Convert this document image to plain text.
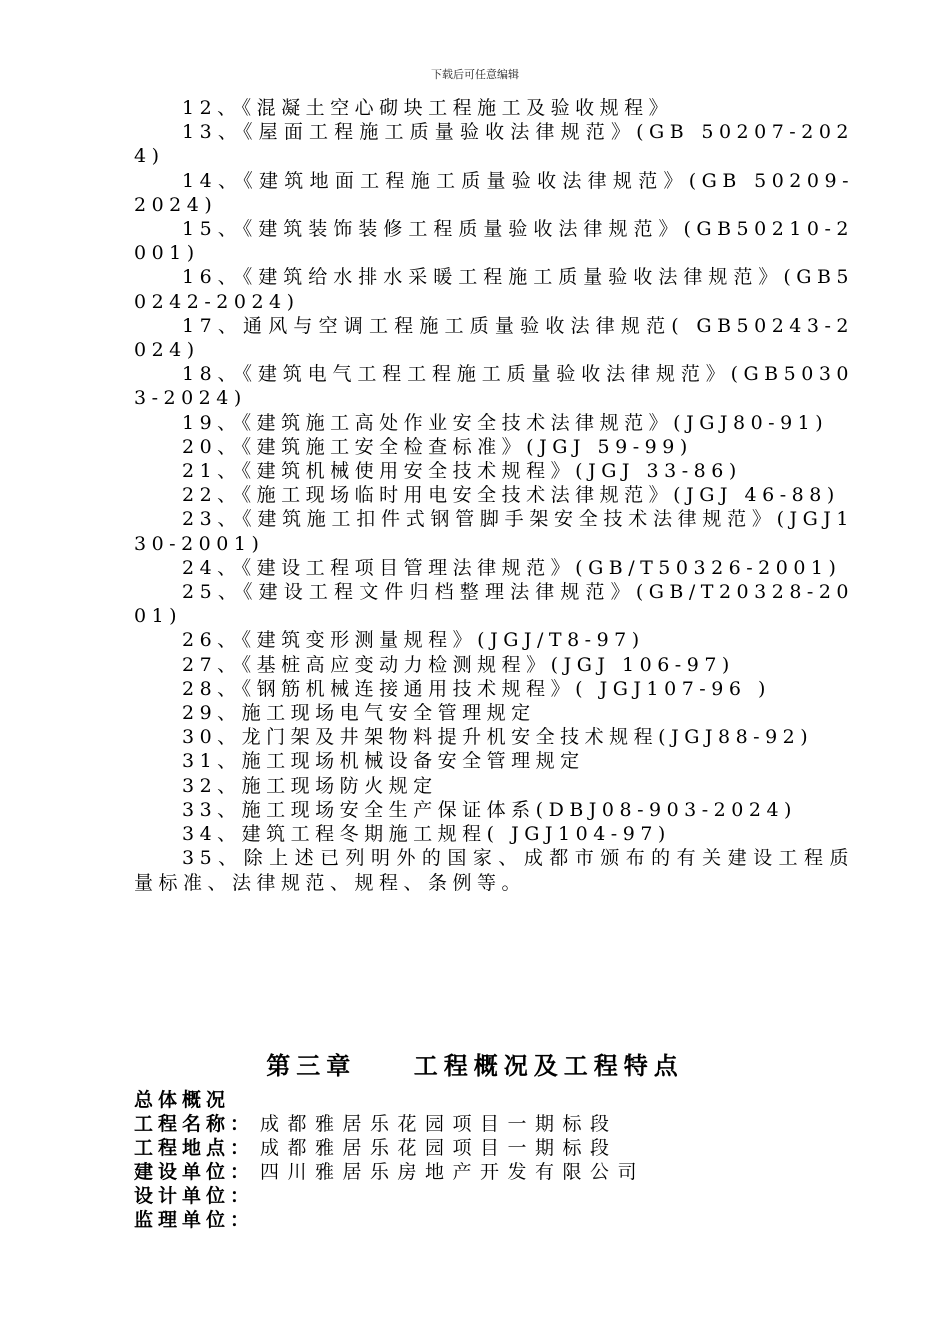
下载后可任意编辑

12、《混凝土空心砌块工程施工及验收规程》

13、《屋面工程施工质量验收法律规范》(GB 50207-2024)

14、《建筑地面工程施工质量验收法律规范》(GB 50209-2024)

15、《建筑装饰装修工程质量验收法律规范》(GB50210-2001)

16、《建筑给水排水采暖工程施工质量验收法律规范》(GB50242-2024)

17、通风与空调工程施工质量验收法律规范( GB50243-2024)

18、《建筑电气工程工程施工质量验收法律规范》(GB50303-2024)

19、《建筑施工高处作业安全技术法律规范》(JGJ80-91)

20、《建筑施工安全检查标准》(JGJ 59-99)

21、《建筑机械使用安全技术规程》(JGJ 33-86)

22、《施工现场临时用电安全技术法律规范》(JGJ 46-88)

23、《建筑施工扣件式钢管脚手架安全技术法律规范》(JGJ130-2001)

24、《建设工程项目管理法律规范》(GB/T50326-2001)

25、《建设工程文件归档整理法律规范》(GB/T20328-2001)

26、《建筑变形测量规程》(JGJ/T8-97)

27、《基桩高应变动力检测规程》(JGJ 106-97)

28、《钢筋机械连接通用技术规程》( JGJ107-96 )

29、施工现场电气安全管理规定

30、龙门架及井架物料提升机安全技术规程(JGJ88-92)

31、施工现场机械设备安全管理规定

32、施工现场防火规定

33、施工现场安全生产保证体系(DBJ08-903-2024)

34、建筑工程冬期施工规程( JGJ104-97)

35、除上述已列明外的国家、成都市颁布的有关建设工程质量标准、法律规范、规程、条例等。

第三章    工程概况及工程特点
总体概况
工程名称： 成都雅居乐花园项目一期标段
工程地点： 成都雅居乐花园项目一期标段
建设单位： 四川雅居乐房地产开发有限公司
设计单位：
监理单位：
